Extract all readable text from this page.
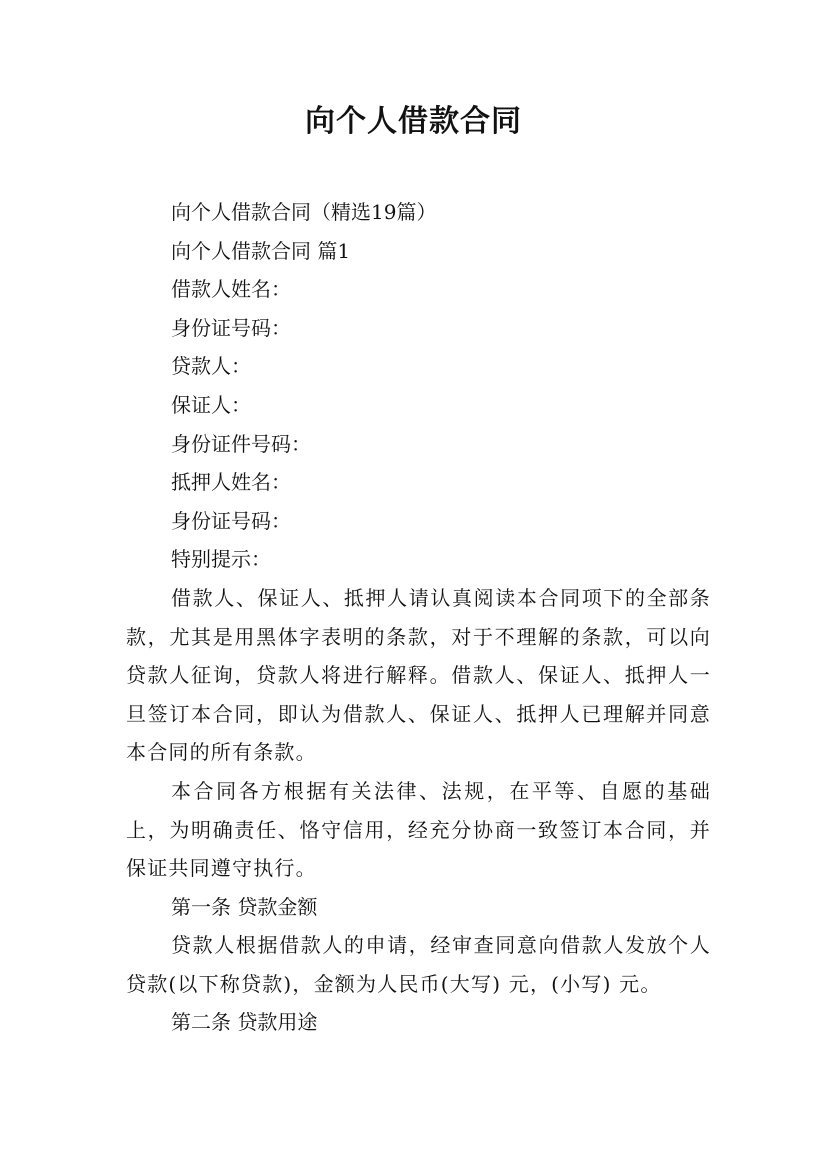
向个人借款合同

向个人借款合同（精选19篇）

向个人借款合同 篇1

借款人姓名：

身份证号码：

贷款人：

保证人：

身份证件号码：

抵押人姓名：

身份证号码：

特别提示：

借款人、保证人、抵押人请认真阅读本合同项下的全部条款，尤其是用黑体字表明的条款，对于不理解的条款，可以向贷款人征询，贷款人将进行解释。借款人、保证人、抵押人一旦签订本合同，即认为借款人、保证人、抵押人已理解并同意本合同的所有条款。

本合同各方根据有关法律、法规，在平等、自愿的基础上，为明确责任、恪守信用，经充分协商一致签订本合同，并保证共同遵守执行。

第一条 贷款金额

贷款人根据借款人的申请，经审查同意向借款人发放个人贷款(以下称贷款)，金额为人民币(大写) 元，(小写) 元。

第二条 贷款用途
